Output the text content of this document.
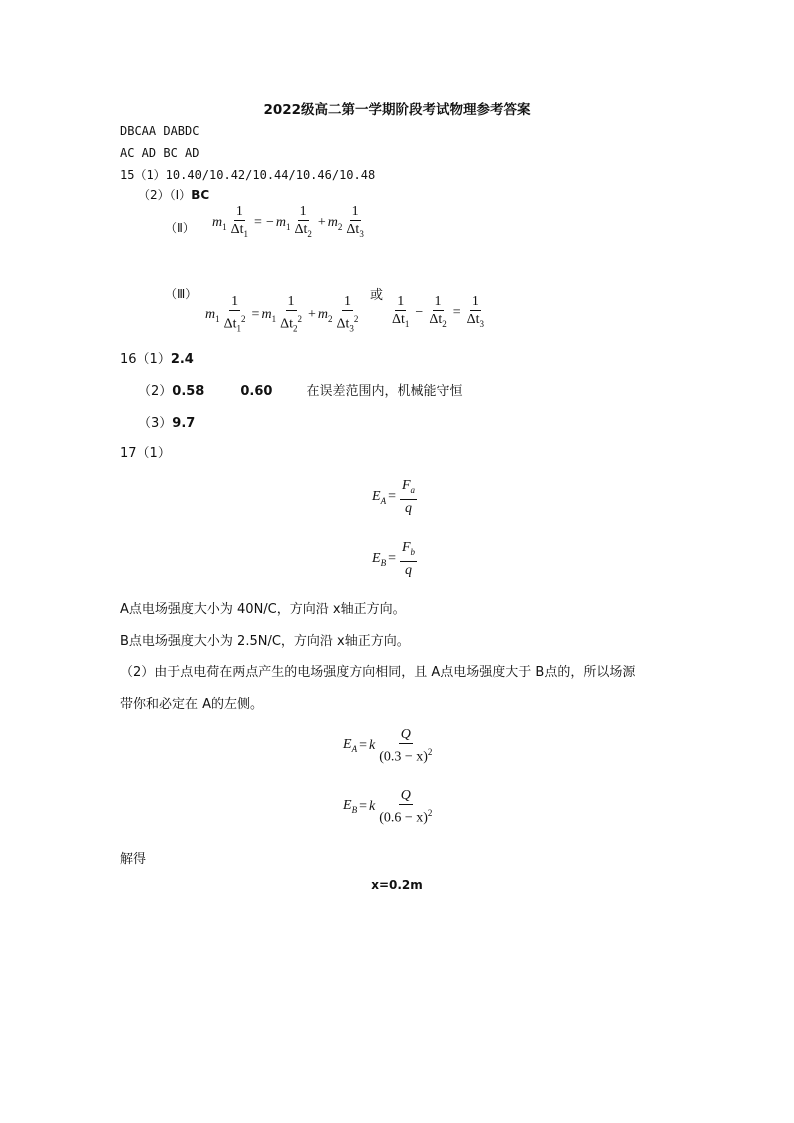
2022级高二第一学期阶段考试物理参考答案
DBCAA DABDC
AC AD BC AD
15（1）10.40/10.42/10.44/10.46/10.48
（2）（Ⅰ）BC
（Ⅱ） $m_1 \frac{1}{\Delta t_1}$ = − $m_1 \frac{1}{\Delta t_2} + m_2 \frac{1}{\Delta t_3}$
（Ⅲ）
$m_1 \frac{1}{\Delta t_1^2} = m_1 \frac{1}{\Delta t_2^2} + m_2 \frac{1}{\Delta t_3^2}$ 或 $\frac{1}{\Delta t_1} - \frac{1}{\Delta t_2} = \frac{1}{\Delta t_3}$
16（1）2.4
（2）0.58	0.60	在误差范围内，机械能守恒
（3）9.7
17（1）
$E_A = \frac{F_a}{q}$
$E_B = \frac{F_b}{q}$
A点电场强度大小为 40N/C，方向沿 x轴正方向。
B点电场强度大小为 2.5N/C，方向沿 x轴正方向。
（2）由于点电荷在两点产生的电场强度方向相同，且 A点电场强度大于 B点的，所以场源
带你和必定在 A的左侧。
$E_A = k \frac{Q}{(0.3 - x)^2}$
$E_B = k \frac{Q}{(0.6 - x)^2}$
解得
x=0.2m
